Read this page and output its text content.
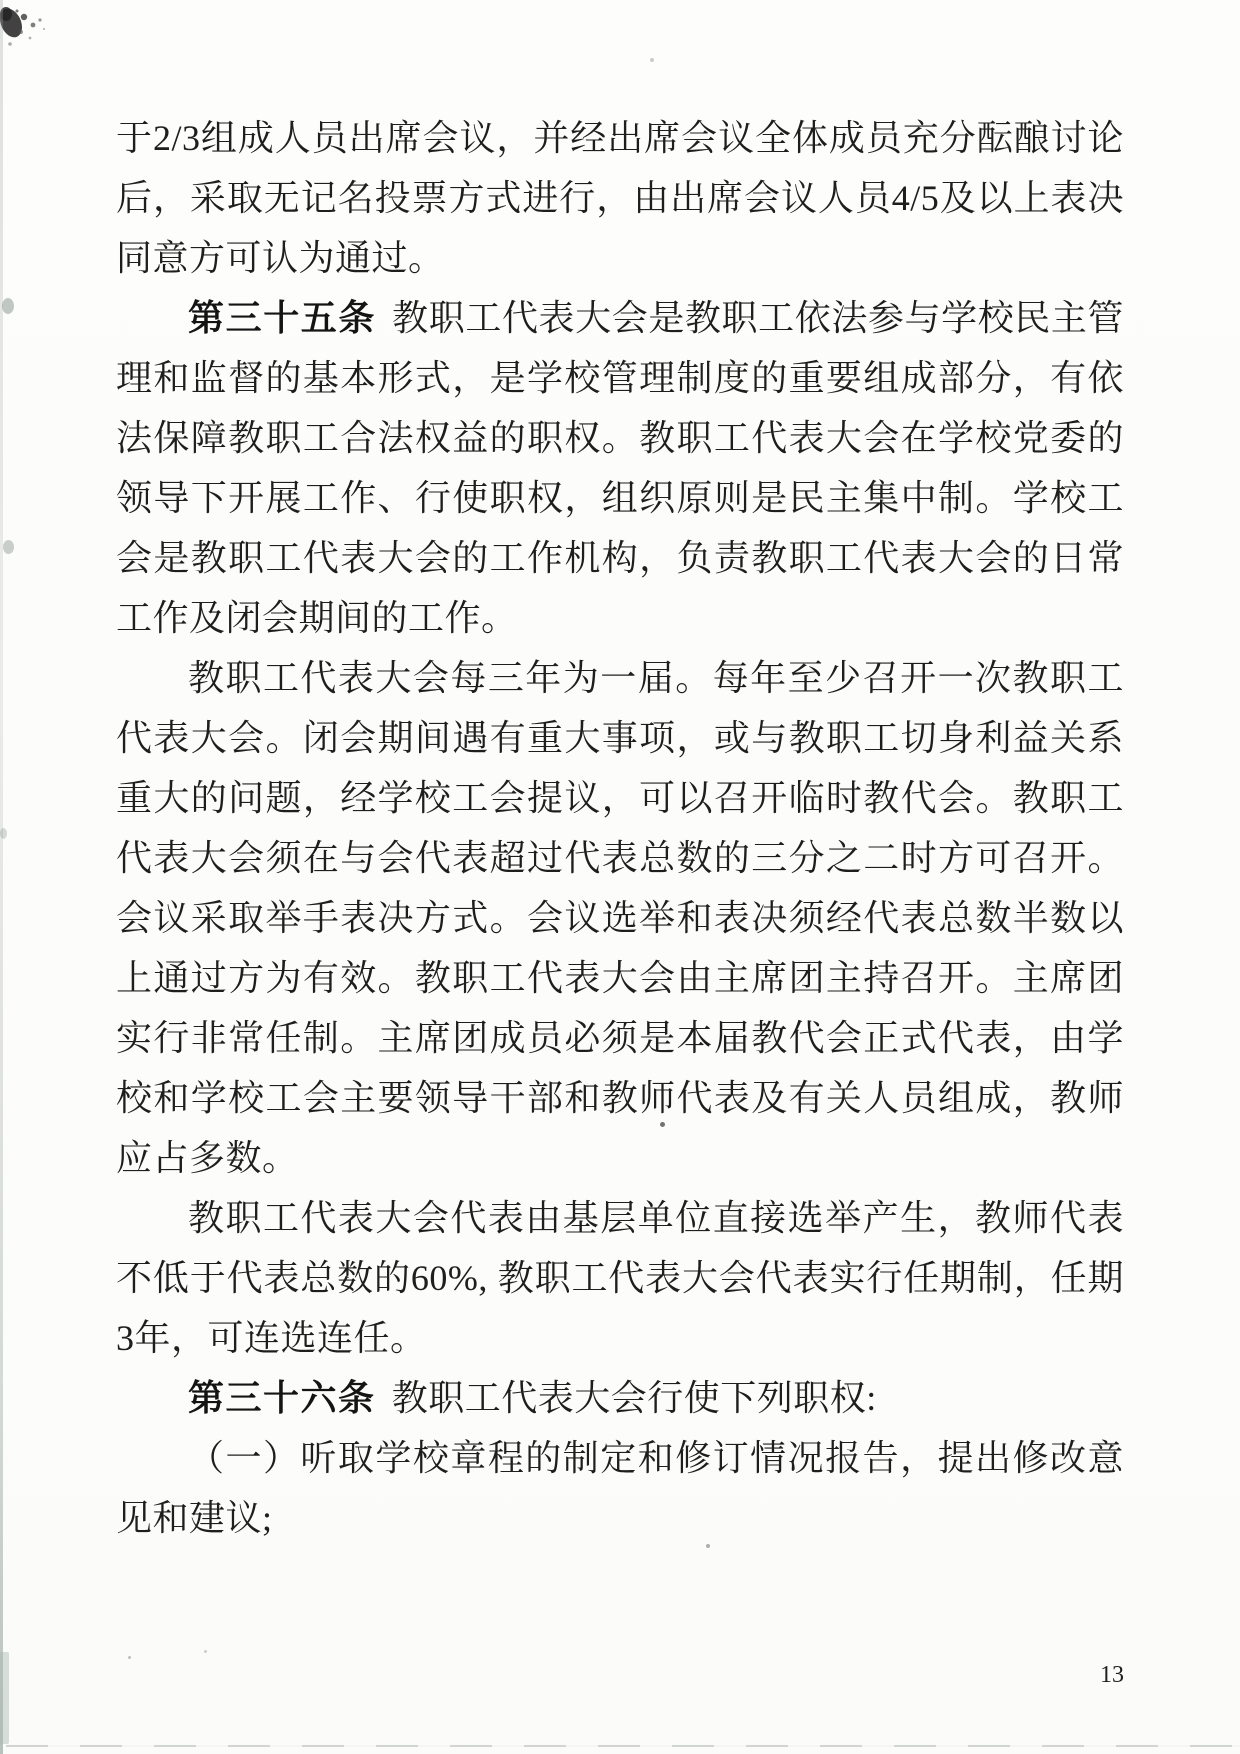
于2/3组成人员出席会议，并经出席会议全体成员充分酝酿讨论后，采取无记名投票方式进行，由出席会议人员4/5及以上表决同意方可认为通过。

第三十五条 教职工代表大会是教职工依法参与学校民主管理和监督的基本形式，是学校管理制度的重要组成部分，有依法保障教职工合法权益的职权。教职工代表大会在学校党委的领导下开展工作、行使职权，组织原则是民主集中制。学校工会是教职工代表大会的工作机构，负责教职工代表大会的日常工作及闭会期间的工作。

教职工代表大会每三年为一届。每年至少召开一次教职工代表大会。闭会期间遇有重大事项，或与教职工切身利益关系重大的问题，经学校工会提议，可以召开临时教代会。教职工代表大会须在与会代表超过代表总数的三分之二时方可召开。会议采取举手表决方式。会议选举和表决须经代表总数半数以上通过方为有效。教职工代表大会由主席团主持召开。主席团实行非常任制。主席团成员必须是本届教代会正式代表，由学校和学校工会主要领导干部和教师代表及有关人员组成，教师应占多数。

教职工代表大会代表由基层单位直接选举产生，教师代表不低于代表总数的60%, 教职工代表大会代表实行任期制，任期3年，可连选连任。

第三十六条 教职工代表大会行使下列职权:

（一）听取学校章程的制定和修订情况报告，提出修改意见和建议;

13
